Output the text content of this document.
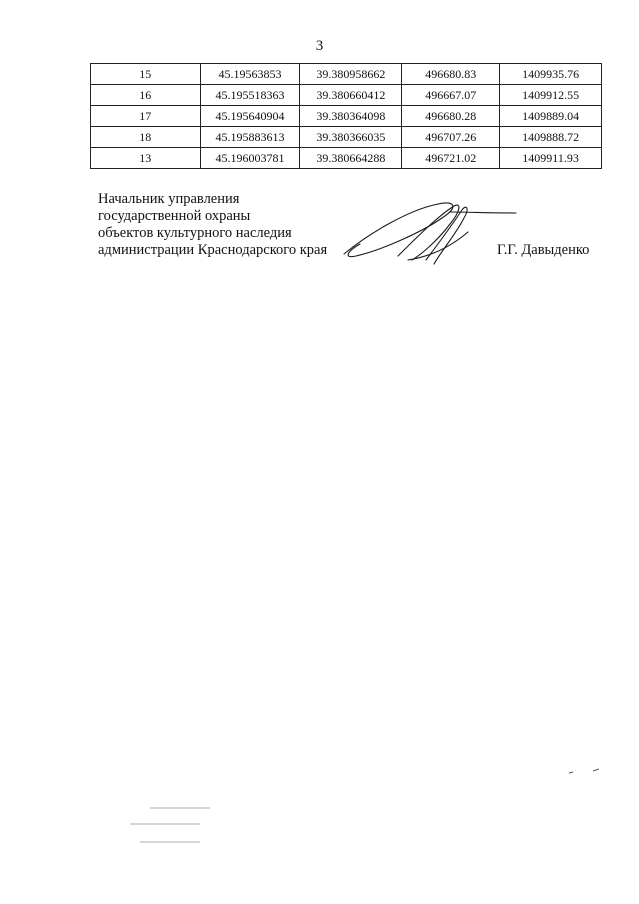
3
15	45.19563853	39.380958662	496680.83	1409935.76
16	45.195518363	39.380660412	496667.07	1409912.55
17	45.195640904	39.380364098	496680.28	1409889.04
18	45.195883613	39.380366035	496707.26	1409888.72
13	45.196003781	39.380664288	496721.02	1409911.93
Начальник управления
государственной охраны
объектов культурного наследия
администрации Краснодарского края	Г.Г. Давыденко
